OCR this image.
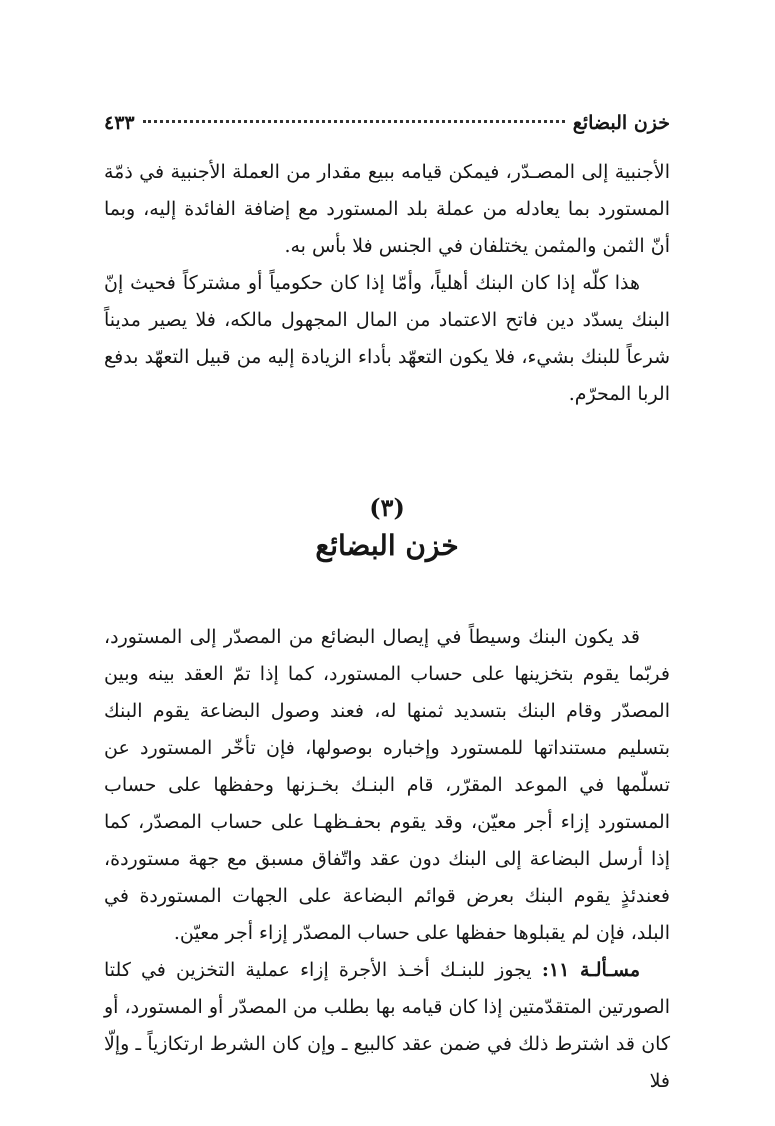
خزن البضائع
٤٣٣

الأجنبية إلى المصـدّر، فيمكن قيامه ببيع مقدار من العملة الأجنبية في ذمّة المستورد بما يعادله من عملة بلد المستورد مع إضافة الفائدة إليه، وبما أنّ الثمن والمثمن يختلفان في الجنس فلا بأس به.

هذا كلّه إذا كان البنك أهلياً، وأمّا إذا كان حكومياً أو مشتركاً فحيث إنّ البنك يسدّد دين فاتح الاعتماد من المال المجهول مالكه، فلا يصير مديناً شرعاً للبنك بشيء، فلا يكون التعهّد بأداء الزيادة إليه من قبيل التعهّد بدفع الربا المحرّم.

(٣)
خزن البضائع

قد يكون البنك وسيطاً في إيصال البضائع من المصدّر إلى المستورد، فربّما يقوم بتخزينها على حساب المستورد، كما إذا تمّ العقد بينه وبين المصدّر وقام البنك بتسديد ثمنها له، فعند وصول البضاعة يقوم البنك بتسليم مستنداتها للمستورد وإخباره بوصولها، فإن تأخّر المستورد عن تسلّمها في الموعد المقرّر، قام البنـك بخـزنها وحفظها على حساب المستورد إزاء أجر معيّن، وقد يقوم بحفـظهـا على حساب المصدّر، كما إذا أرسل البضاعة إلى البنك دون عقد واتّفاق مسبق مع جهة مستوردة، فعندئذٍ يقوم البنك بعرض قوائم البضاعة على الجهات المستوردة في البلد، فإن لم يقبلوها حفظها على حساب المصدّر إزاء أجر معيّن.

مسـألـة ١١: يجوز للبنـك أخـذ الأجرة إزاء عملية التخزين في كلتا الصورتين المتقدّمتين إذا كان قيامه بها بطلب من المصدّر أو المستورد، أو كان قد اشترط ذلك في ضمن عقد كالبيع ـ وإن كان الشرط ارتكازياً ـ وإلّا فلا
